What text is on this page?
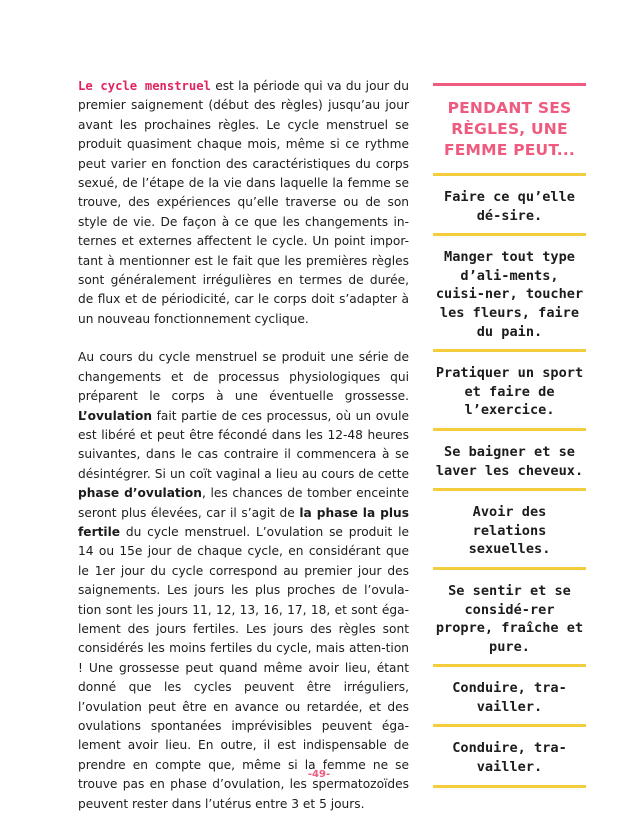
Le cycle menstruel est la période qui va du jour du premier saignement (début des règles) jusqu’au jour avant les prochaines règles. Le cycle menstruel se produit quasiment chaque mois, même si ce rythme peut varier en fonction des caractéristiques du corps sexué, de l’étape de la vie dans laquelle la femme se trouve, des expériences qu’elle traverse ou de son style de vie. De façon à ce que les changements in-ternes et externes affectent le cycle. Un point impor-tant à mentionner est le fait que les premières règles sont généralement irrégulières en termes de durée, de flux et de périodicité, car le corps doit s’adapter à un nouveau fonctionnement cyclique.

Au cours du cycle menstruel se produit une série de changements et de processus physiologiques qui préparent le corps à une éventuelle grossesse. L’ovulation fait partie de ces processus, où un ovule est libéré et peut être fécondé dans les 12-48 heures suivantes, dans le cas contraire il commencera à se désintégrer. Si un coït vaginal a lieu au cours de cette phase d’ovulation, les chances de tomber enceinte seront plus élevées, car il s’agit de la phase la plus fertile du cycle menstruel. L’ovulation se produit le 14 ou 15e jour de chaque cycle, en considérant que le 1er jour du cycle correspond au premier jour des saignements. Les jours les plus proches de l’ovula-tion sont les jours 11, 12, 13, 16, 17, 18, et sont éga-lement des jours fertiles. Les jours des règles sont considérés les moins fertiles du cycle, mais atten-tion ! Une grossesse peut quand même avoir lieu, étant donné que les cycles peuvent être irréguliers, l’ovulation peut être en avance ou retardée, et des ovulations spontanées imprévisibles peuvent éga-lement avoir lieu. En outre, il est indispensable de prendre en compte que, même si la femme ne se trouve pas en phase d’ovulation, les spermatozoïdes peuvent rester dans l’utérus entre 3 et 5 jours.

PENDANT SES RÈGLES, UNE FEMME PEUT...
Faire ce qu’elle dé-sire.
Manger tout type d’ali-ments, cuisi-ner, toucher les fleurs, faire du pain.
Pratiquer un sport et faire de l’exercice.
Se baigner et se laver les cheveux.
Avoir des relations sexuelles.
Se sentir et se considé-rer propre, fraîche et pure.
Conduire, tra-vailler.
Conduire, tra-vailler.
-49-
